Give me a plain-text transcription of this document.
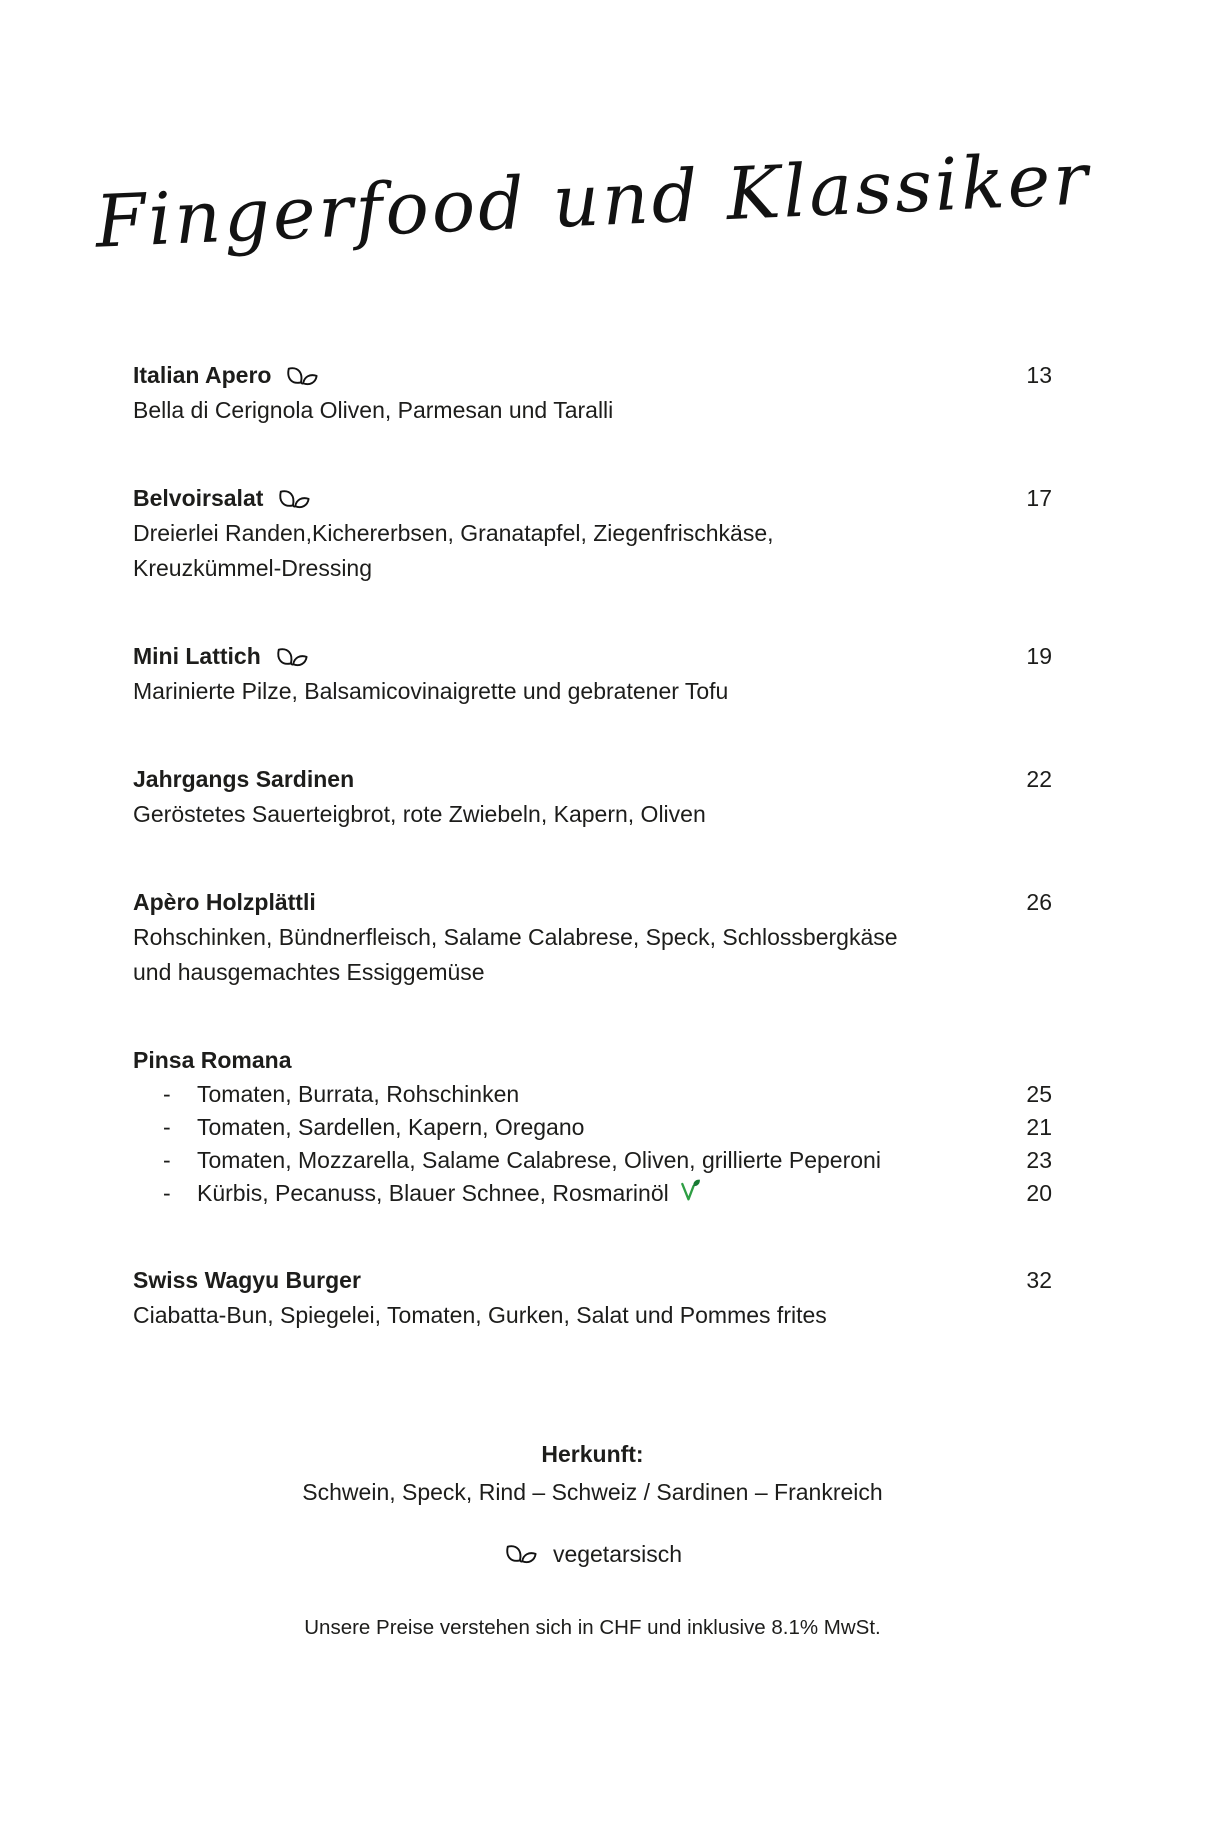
Fingerfood und Klassiker
Italian Apero	13
Bella di Cerignola Oliven, Parmesan und Taralli
Belvoirsalat	17
Dreierlei Randen,Kichererbsen, Granatapfel, Ziegenfrischkäse,
Kreuzkümmel-Dressing
Mini Lattich	19
Marinierte Pilze, Balsamicovinaigrette und gebratener Tofu
Jahrgangs Sardinen	22
Geröstetes Sauerteigbrot, rote Zwiebeln, Kapern, Oliven
Apèro Holzplättli	26
Rohschinken, Bündnerfleisch, Salame Calabrese, Speck, Schlossbergkäse
und hausgemachtes Essiggemüse
Pinsa Romana
-	Tomaten, Burrata, Rohschinken	25
-	Tomaten, Sardellen, Kapern, Oregano	21
-	Tomaten, Mozzarella, Salame Calabrese, Oliven, grillierte Peperoni	23
-	Kürbis, Pecanuss, Blauer Schnee, Rosmarinöl	20
Swiss Wagyu Burger	32
Ciabatta-Bun, Spiegelei, Tomaten, Gurken, Salat und Pommes frites
Herkunft:
Schwein, Speck, Rind – Schweiz / Sardinen – Frankreich
vegetarsisch
Unsere Preise verstehen sich in CHF und inklusive 8.1% MwSt.
